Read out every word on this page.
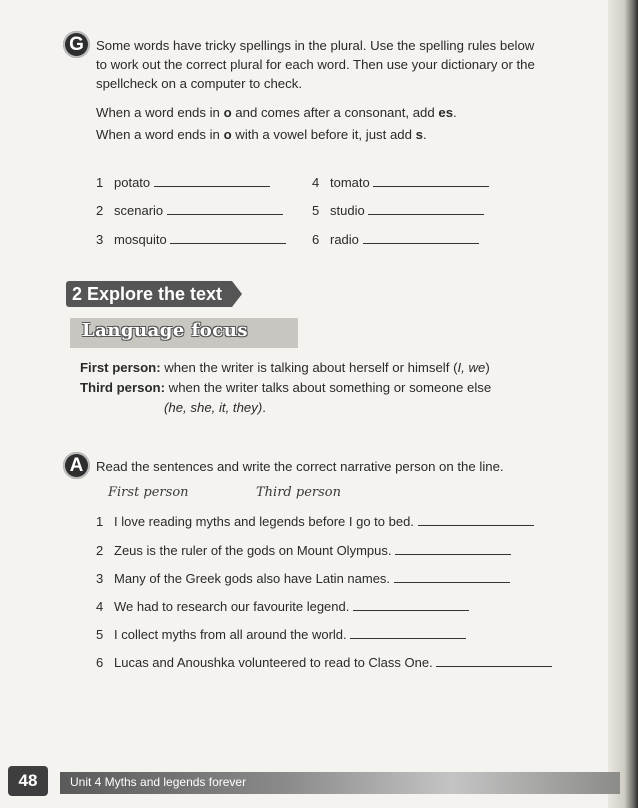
G Some words have tricky spellings in the plural. Use the spelling rules below
to work out the correct plural for each word. Then use your dictionary or the
spellcheck on a computer to check.
When a word ends in o and comes after a consonant, add es.
When a word ends in o with a vowel before it, just add s.
1 potato
2 scenario
3 mosquito
4 tomato
5 studio
6 radio
2 Explore the text
Language focus
First person: when the writer is talking about herself or himself (I, we)
Third person: when the writer talks about something or someone else
(he, she, it, they).
A Read the sentences and write the correct narrative person on the line.
First person	Third person
1 I love reading myths and legends before I go to bed.
2 Zeus is the ruler of the gods on Mount Olympus.
3 Many of the Greek gods also have Latin names.
4 We had to research our favourite legend.
5 I collect myths from all around the world.
6 Lucas and Anoushka volunteered to read to Class One.
48	Unit 4 Myths and legends forever
